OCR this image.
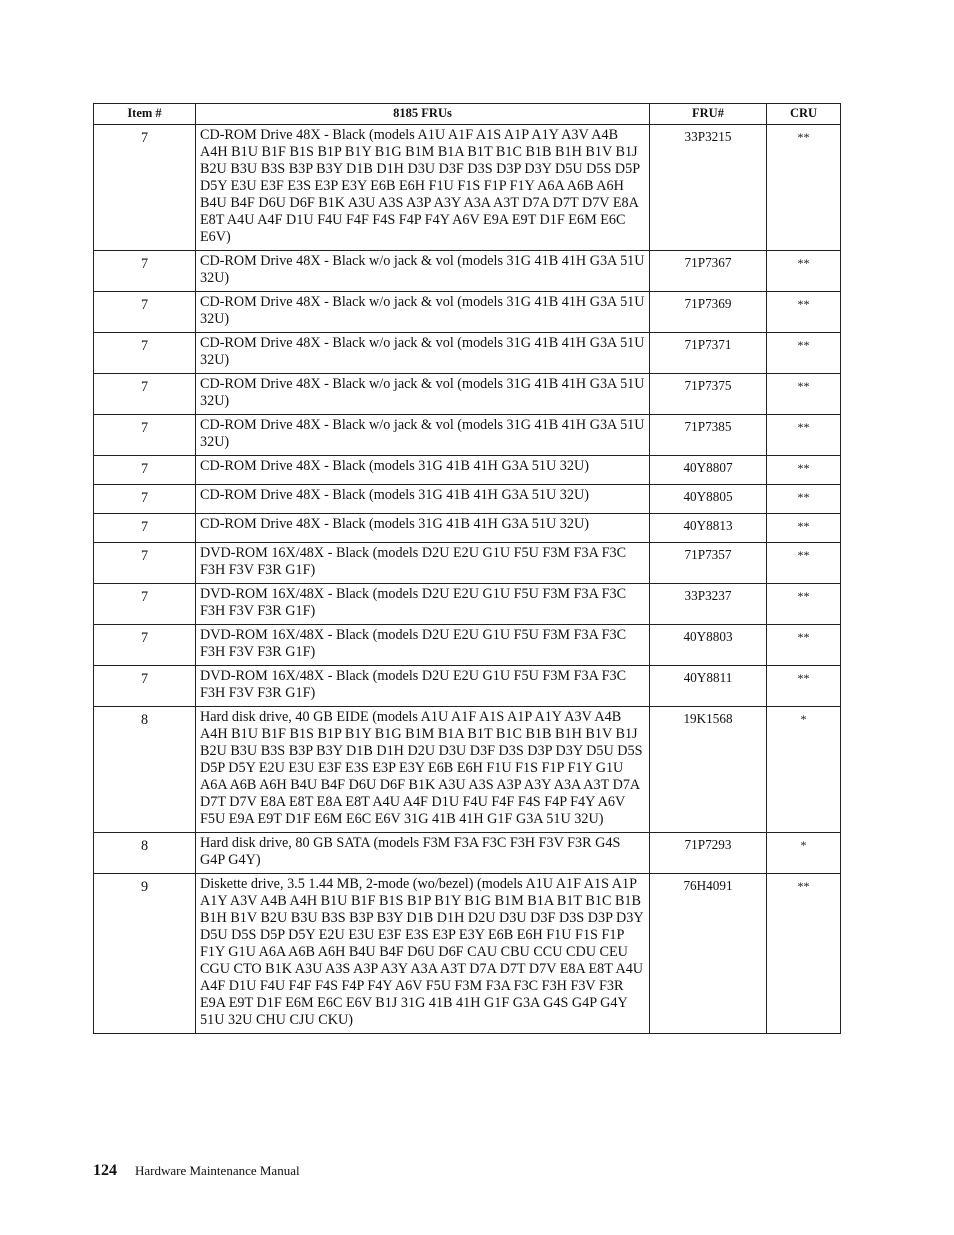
Item #	8185 FRUs	FRU#	CRU
7	CD-ROM Drive 48X - Black (models A1U A1F A1S A1P A1Y A3V A4B A4H B1U B1F B1S B1P B1Y B1G B1M B1A B1T B1C B1B B1H B1V B1J B2U B3U B3S B3P B3Y D1B D1H D3U D3F D3S D3P D3Y D5U D5S D5P D5Y E3U E3F E3S E3P E3Y E6B E6H F1U F1S F1P F1Y A6A A6B A6H B4U B4F D6U D6F B1K A3U A3S A3P A3Y A3A A3T D7A D7T D7V E8A E8T A4U A4F D1U F4U F4F F4S F4P F4Y A6V E9A E9T D1F E6M E6C E6V)	33P3215	**
7	CD-ROM Drive 48X - Black w/o jack & vol (models 31G 41B 41H G3A 51U 32U)	71P7367	**
7	CD-ROM Drive 48X - Black w/o jack & vol (models 31G 41B 41H G3A 51U 32U)	71P7369	**
7	CD-ROM Drive 48X - Black w/o jack & vol (models 31G 41B 41H G3A 51U 32U)	71P7371	**
7	CD-ROM Drive 48X - Black w/o jack & vol (models 31G 41B 41H G3A 51U 32U)	71P7375	**
7	CD-ROM Drive 48X - Black w/o jack & vol (models 31G 41B 41H G3A 51U 32U)	71P7385	**
7	CD-ROM Drive 48X - Black (models 31G 41B 41H G3A 51U 32U)	40Y8807	**
7	CD-ROM Drive 48X - Black (models 31G 41B 41H G3A 51U 32U)	40Y8805	**
7	CD-ROM Drive 48X - Black (models 31G 41B 41H G3A 51U 32U)	40Y8813	**
7	DVD-ROM 16X/48X - Black (models D2U E2U G1U F5U F3M F3A F3C F3H F3V F3R G1F)	71P7357	**
7	DVD-ROM 16X/48X - Black (models D2U E2U G1U F5U F3M F3A F3C F3H F3V F3R G1F)	33P3237	**
7	DVD-ROM 16X/48X - Black (models D2U E2U G1U F5U F3M F3A F3C F3H F3V F3R G1F)	40Y8803	**
7	DVD-ROM 16X/48X - Black (models D2U E2U G1U F5U F3M F3A F3C F3H F3V F3R G1F)	40Y8811	**
8	Hard disk drive, 40 GB EIDE (models A1U A1F A1S A1P A1Y A3V A4B A4H B1U B1F B1S B1P B1Y B1G B1M B1A B1T B1C B1B B1H B1V B1J B2U B3U B3S B3P B3Y D1B D1H D2U D3U D3F D3S D3P D3Y D5U D5S D5P D5Y E2U E3U E3F E3S E3P E3Y E6B E6H F1U F1S F1P F1Y G1U A6A A6B A6H B4U B4F D6U D6F B1K A3U A3S A3P A3Y A3A A3T D7A D7T D7V E8A E8T E8A E8T A4U A4F D1U F4U F4F F4S F4P F4Y A6V F5U E9A E9T D1F E6M E6C E6V 31G 41B 41H G1F G3A 51U 32U)	19K1568	*
8	Hard disk drive, 80 GB SATA (models F3M F3A F3C F3H F3V F3R G4S G4P G4Y)	71P7293	*
9	Diskette drive, 3.5 1.44 MB, 2-mode (wo/bezel) (models A1U A1F A1S A1P A1Y A3V A4B A4H B1U B1F B1S B1P B1Y B1G B1M B1A B1T B1C B1B B1H B1V B2U B3U B3S B3P B3Y D1B D1H D2U D3U D3F D3S D3P D3Y D5U D5S D5P D5Y E2U E3U E3F E3S E3P E3Y E6B E6H F1U F1S F1P F1Y G1U A6A A6B A6H B4U B4F D6U D6F CAU CBU CCU CDU CEU CGU CTO B1K A3U A3S A3P A3Y A3A A3T D7A D7T D7V E8A E8T A4U A4F D1U F4U F4F F4S F4P F4Y A6V F5U F3M F3A F3C F3H F3V F3R E9A E9T D1F E6M E6C E6V B1J 31G 41B 41H G1F G3A G4S G4P G4Y 51U 32U CHU CJU CKU)	76H4091	**
124 Hardware Maintenance Manual
